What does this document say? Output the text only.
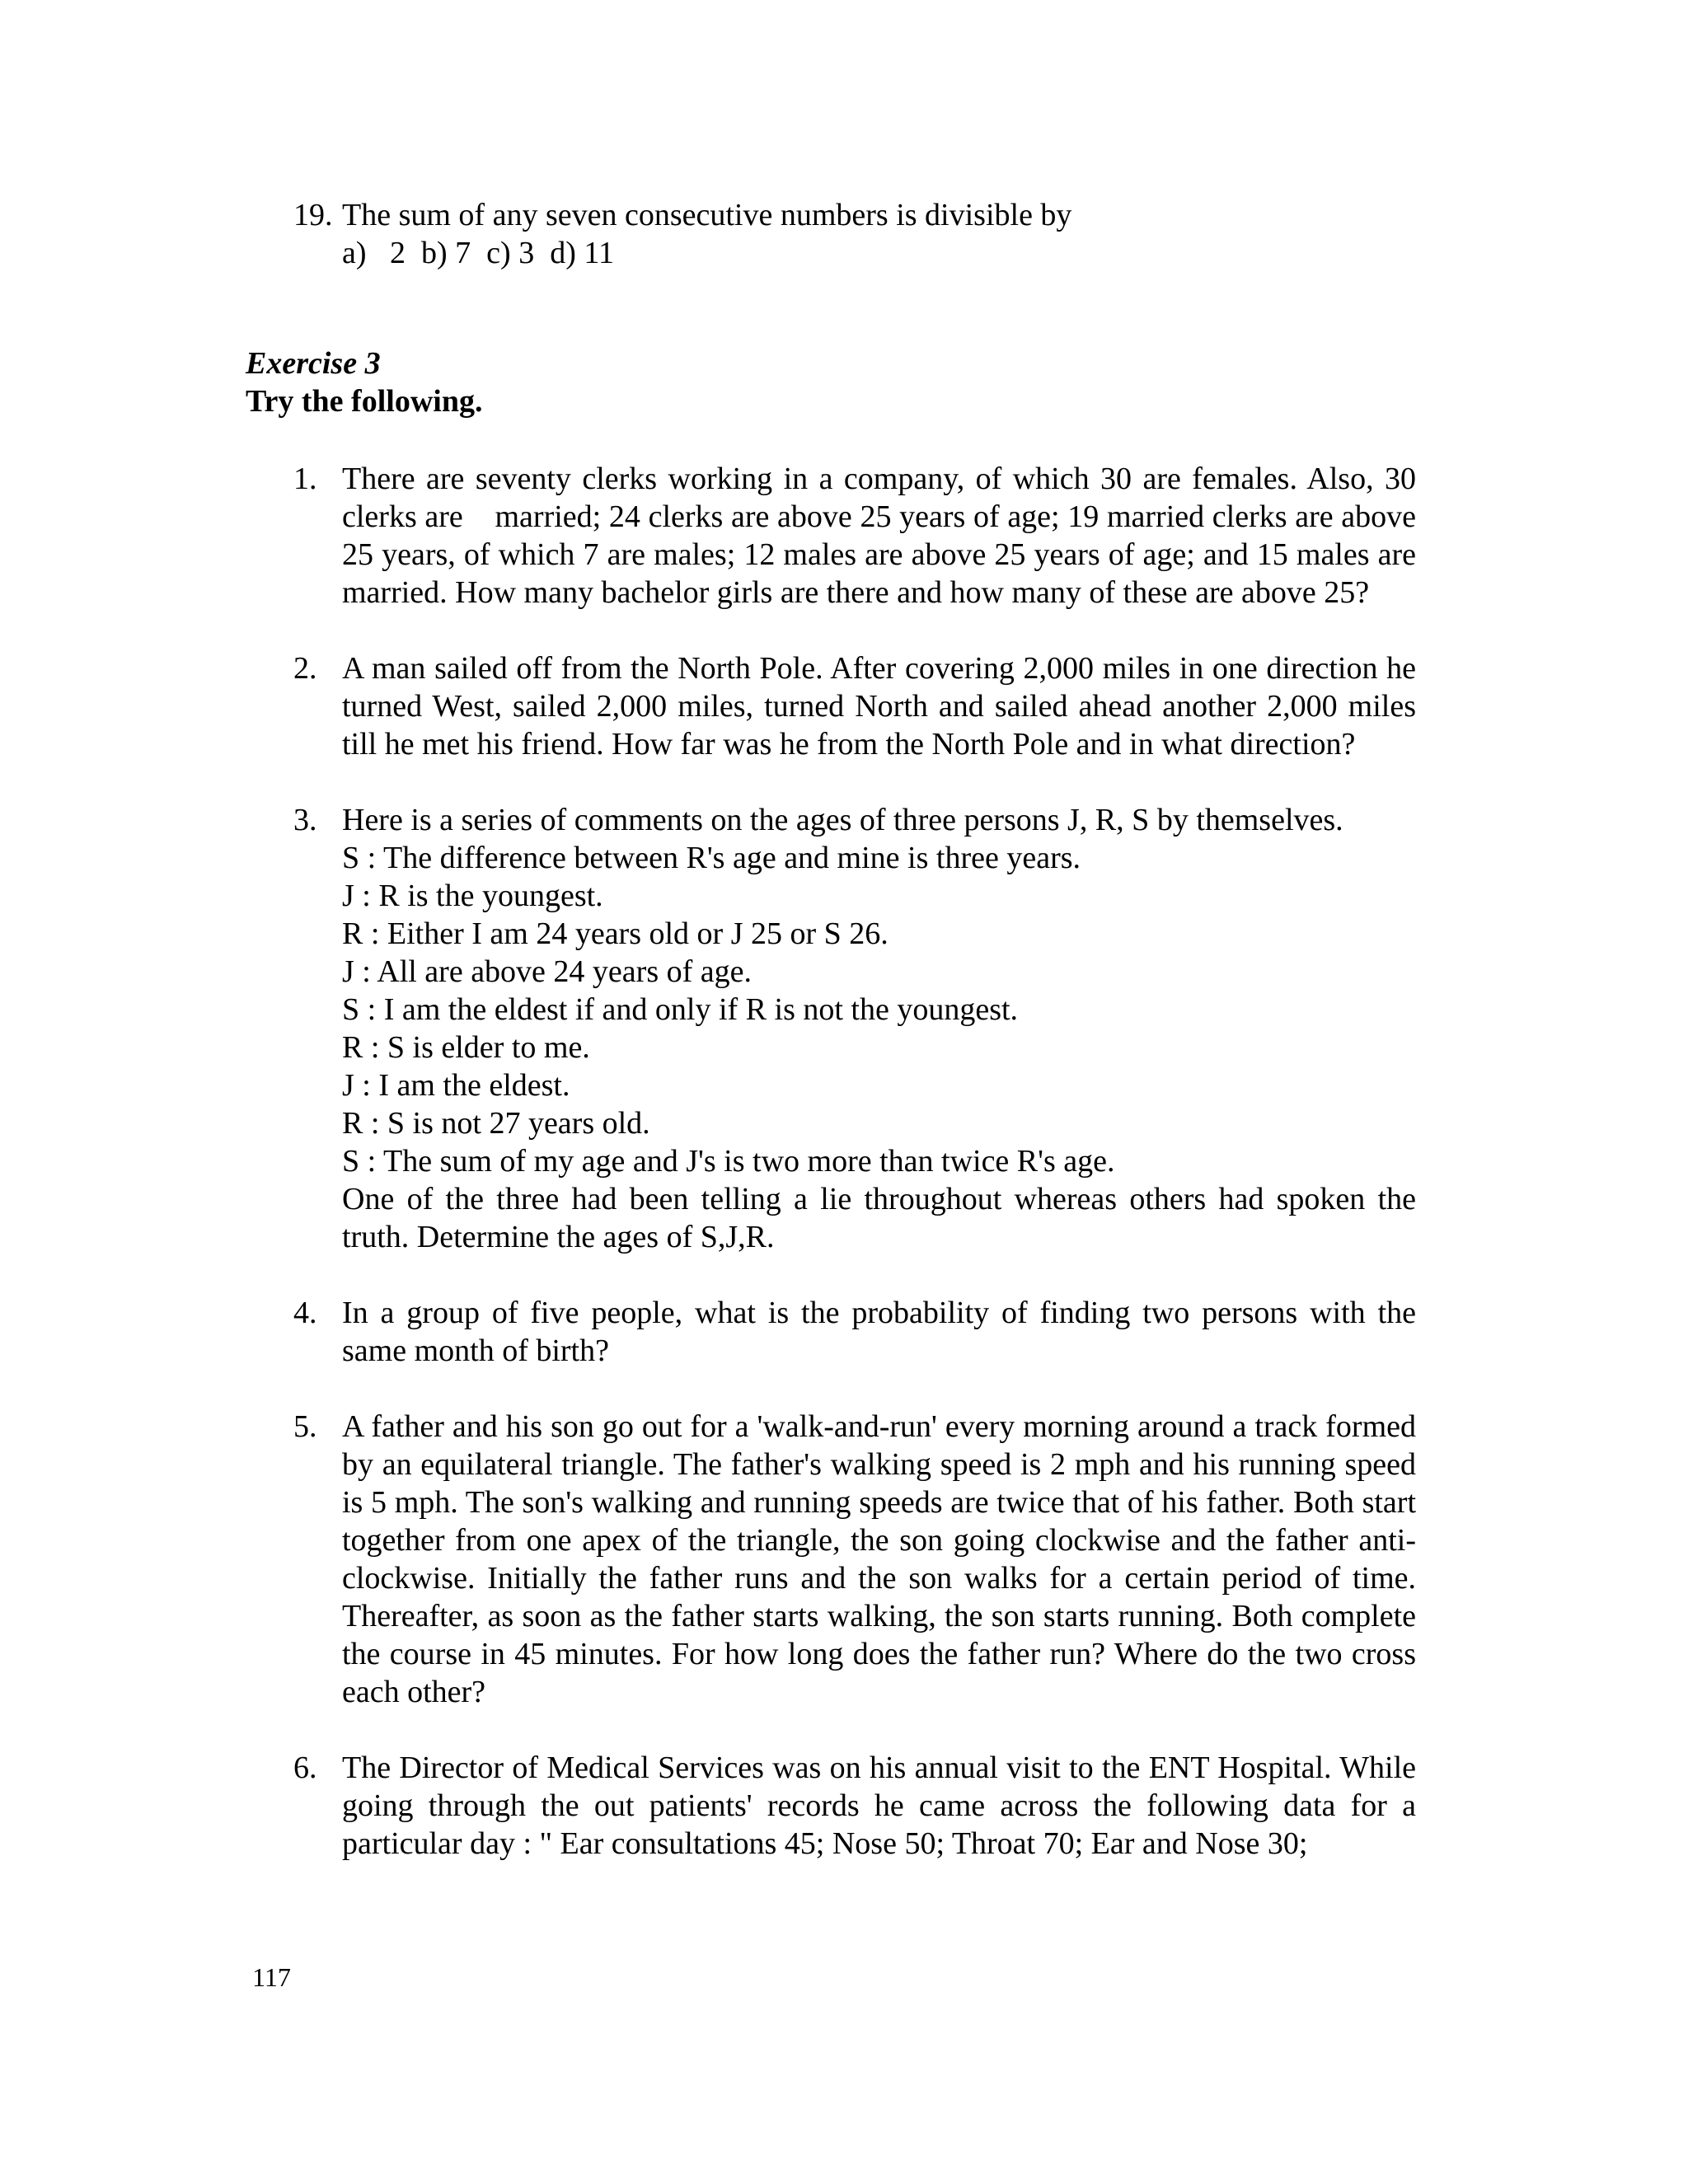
19. The sum of any seven consecutive numbers is divisible by
a)   2  b) 7  c) 3  d) 11
Exercise 3
Try the following.
1. There are seventy clerks working in a company, of which 30 are females. Also, 30 clerks are    married; 24 clerks are above 25 years of age; 19 married clerks are above 25 years, of which 7 are males; 12 males are above 25 years of age; and 15 males are married. How many bachelor girls are there and how many of these are above 25?
2. A man sailed off from the North Pole. After covering 2,000 miles in one direction he turned West, sailed 2,000 miles, turned North and sailed ahead another 2,000 miles till he met his friend. How far was he from the North Pole and in what direction?
3. Here is a series of comments on the ages of three persons J, R, S by themselves.
S : The difference between R's age and mine is three years.
J : R is the youngest.
R : Either I am 24 years old or J 25 or S 26.
J : All are above 24 years of age.
S : I am the eldest if and only if R is not the youngest.
R : S is elder to me.
J : I am the eldest.
R : S is not 27 years old.
S : The sum of my age and J's is two more than twice R's age.
One of the three had been telling a lie throughout whereas others had spoken the truth. Determine the ages of S,J,R.
4. In a group of five people, what is the probability of finding two persons with the same month of birth?
5. A father and his son go out for a 'walk-and-run' every morning around a track formed by an equilateral triangle. The father's walking speed is 2 mph and his running speed is 5 mph. The son's walking and running speeds are twice that of his father. Both start together from one apex of the triangle, the son going clockwise and the father anti-clockwise. Initially the father runs and the son walks for a certain period of time.    Thereafter, as soon as the father starts walking, the son starts running. Both complete the course in 45 minutes. For how long does the father run? Where do the two cross each other?
6. The Director of Medical Services was on his annual visit to the ENT Hospital. While going through the out patients' records he came across the following data for a particular day : " Ear consultations 45; Nose 50; Throat 70; Ear and Nose 30;
117
